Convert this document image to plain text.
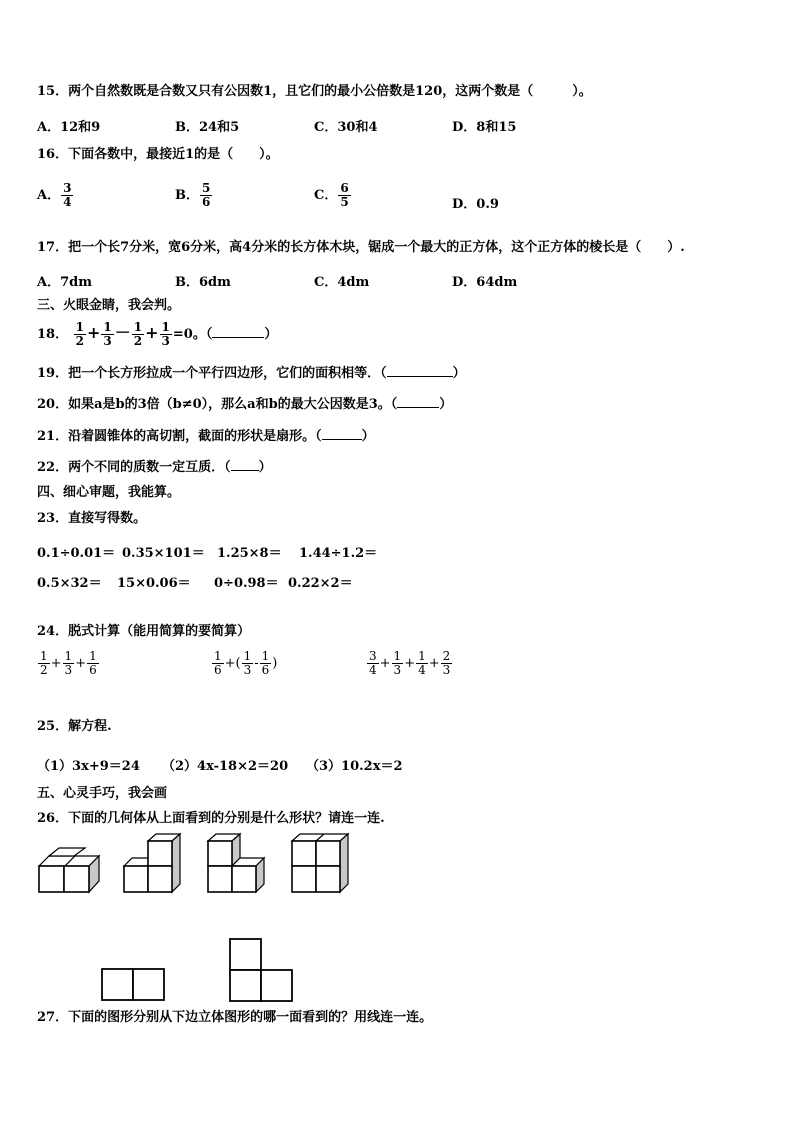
15．两个自然数既是合数又只有公因数1，且它们的最小公倍数是120，这两个数是（　　　）。
A．12和9	B．24和5	C．30和4	D．8和15
16．下面各数中，最接近1的是（　　）。
A． $\frac{3}{4}$	B． $\frac{5}{6}$	C． $\frac{6}{5}$	D．0.9
17．把一个长7分米，宽6分米，高4分米的长方体木块，锯成一个最大的正方体，这个正方体的棱长是（　　）.
A．7dm	B．6dm	C．4dm	D．64dm
三、火眼金睛，我会判。
18． $\frac{1}{2} + \frac{1}{3} - \frac{1}{2} + \frac{1}{3} =0$。（	）
19．把一个长方形拉成一个平行四边形，它们的面积相等．（	）
20．如果a是b的3倍（b≠0），那么a和b的最大公因数是3。（	）
21．沿着圆锥体的高切割，截面的形状是扇形。（	）
22．两个不同的质数一定互质．（ ）
四、细心审题，我能算。
23．直接写得数。
0.1÷0.01＝ 0.35×101＝ 1.25×8＝ 1.44÷1.2＝
0.5×32＝ 15×0.06＝ 0÷0.98＝ 0.22×2＝
24．脱式计算（能用简算的要简算）
$\frac{1}{2} + \frac{1}{3} + \frac{1}{6}$	$\frac{1}{6}$ +( $\frac{1}{3} - \frac{1}{6}$ )	$\frac{3}{4} + \frac{1}{3} + \frac{1}{4} + \frac{2}{3}$
25．解方程.
（1）3x+9＝24 （2）4x-18×2＝20 （3）10.2x＝2
五、心灵手巧，我会画
26．下面的几何体从上面看到的分别是什么形状？请连一连.
27．下面的图形分别从下边立体图形的哪一面看到的？用线连一连。
